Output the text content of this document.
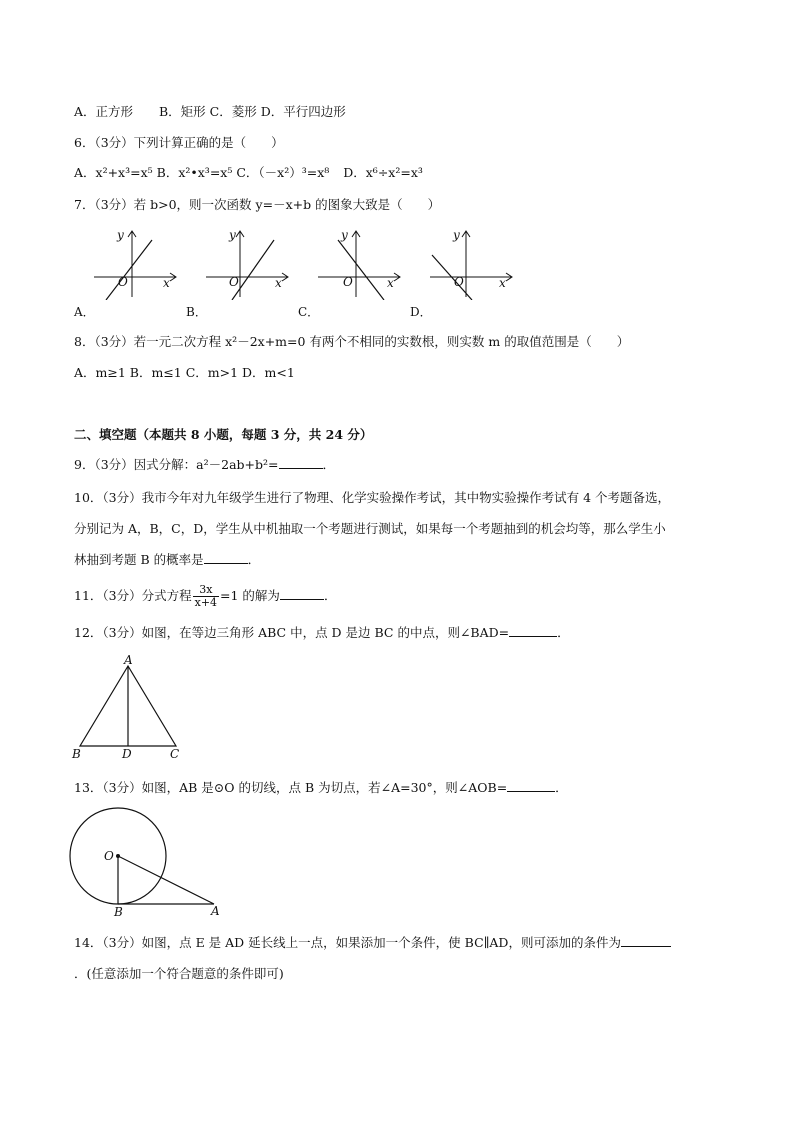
A．正方形 B．矩形 C．菱形 D．平行四边形
6．（3分）下列计算正确的是（　　）
A．x²+x³=x⁵ B．x²•x³=x⁵ C．（－x²）³=x⁸ D．x⁶÷x²=x³
7．（3分）若 b>0，则一次函数 y=－x+b 的图象大致是（　　）
y
x
O
A．
y
x
O
B．
y
x
O
C．
y
x
O
D．
8．（3分）若一元二次方程 x²－2x+m=0 有两个不相同的实数根，则实数 m 的取值范围是（　　）
A．m≥1 B．m≤1 C．m>1 D．m<1
二、填空题（本题共 8 小题，每题 3 分，共 24 分）
9．（3分）因式分解：a²－2ab+b²=	．
10．（3分）我市今年对九年级学生进行了物理、化学实验操作考试，其中物实验操作考试有 4 个考题备选，
分别记为 A，B，C，D，学生从中机抽取一个考题进行测试，如果每一个考题抽到的机会均等，那么学生小
林抽到考题 B 的概率是	．
11．（3分）分式方程 $\frac{3x}{x+4} =1$ 的解为	．
12．（3分）如图，在等边三角形 ABC 中，点 D 是边 BC 的中点，则∠BAD=	．
A
B	D	C
13．（3分）如图，AB 是⊙O 的切线，点 B 为切点，若∠A=30°，则∠AOB=	．
O
B	A
14．（3分）如图，点 E 是 AD 延长线上一点，如果添加一个条件，使 BC∥AD，则可添加的条件为
．(任意添加一个符合题意的条件即可)
